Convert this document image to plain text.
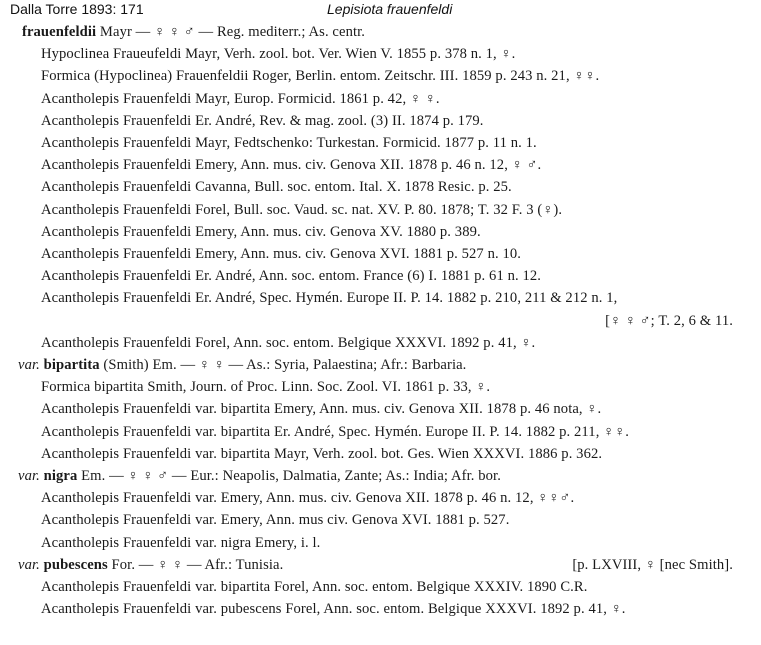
Dalla Torre 1893: 171	Lepisiota frauenfeldi
frauenfeldii Mayr — ♀ ♀ ♂ — Reg. mediterr.; As. centr.
Hypoclinea Fraueufeldi Mayr, Verh. zool. bot. Ver. Wien V. 1855 p. 378 n. 1, ♀.
Formica (Hypoclinea) Frauenfeldii Roger, Berlin. entom. Zeitschr. III. 1859 p. 243 n. 21, ♀♀.
Acantholepis Frauenfeldi Mayr, Europ. Formicid. 1861 p. 42, ♀ ♀.
Acantholepis Frauenfeldi Er. André, Rev. & mag. zool. (3) II. 1874 p. 179.
Acantholepis Frauenfeldi Mayr, Fedtschenko: Turkestan. Formicid. 1877 p. 11 n. 1.
Acantholepis Frauenfeldi Emery, Ann. mus. civ. Genova XII. 1878 p. 46 n. 12, ♀ ♂.
Acantholepis Frauenfeldi Cavanna, Bull. soc. entom. Ital. X. 1878 Resic. p. 25.
Acantholepis Frauenfeldi Forel, Bull. soc. Vaud. sc. nat. XV. P. 80. 1878; T. 32 F. 3 (♀).
Acantholepis Frauenfeldi Emery, Ann. mus. civ. Genova XV. 1880 p. 389.
Acantholepis Frauenfeldi Emery, Ann. mus. civ. Genova XVI. 1881 p. 527 n. 10.
Acantholepis Frauenfeldi Er. André, Ann. soc. entom. France (6) I. 1881 p. 61 n. 12.
Acantholepis Frauenfeldi Er. André, Spec. Hymén. Europe II. P. 14. 1882 p. 210, 211 & 212 n. 1,
[♀ ♀ ♂; T. 2, 6 & 11.
Acantholepis Frauenfeldi Forel, Ann. soc. entom. Belgique XXXVI. 1892 p. 41, ♀.
var. bipartita (Smith) Em. — ♀ ♀ — As.: Syria, Palaestina; Afr.: Barbaria.
Formica bipartita Smith, Journ. of Proc. Linn. Soc. Zool. VI. 1861 p. 33, ♀.
Acantholepis Frauenfeldi var. bipartita Emery, Ann. mus. civ. Genova XII. 1878 p. 46 nota, ♀.
Acantholepis Frauenfeldi var. bipartita Er. André, Spec. Hymén. Europe II. P. 14. 1882 p. 211, ♀♀.
Acantholepis Frauenfeldi var. bipartita Mayr, Verh. zool. bot. Ges. Wien XXXVI. 1886 p. 362.
var. nigra Em. — ♀ ♀ ♂ — Eur.: Neapolis, Dalmatia, Zante; As.: India; Afr. bor.
Acantholepis Frauenfeldi var. Emery, Ann. mus. civ. Genova XII. 1878 p. 46 n. 12, ♀♀♂.
Acantholepis Frauenfeldi var. Emery, Ann. mus civ. Genova XVI. 1881 p. 527.
Acantholepis Frauenfeldi var. nigra Emery, i. l.
var. pubescens For. — ♀ ♀ — Afr.: Tunisia.	[p. LXVIII, ♀ [nec Smith].
Acantholepis Frauenfeldi var. bipartita Forel, Ann. soc. entom. Belgique XXXIV. 1890 C.R.
Acantholepis Frauenfeldi var. pubescens Forel, Ann. soc. entom. Belgique XXXVI. 1892 p. 41, ♀.
